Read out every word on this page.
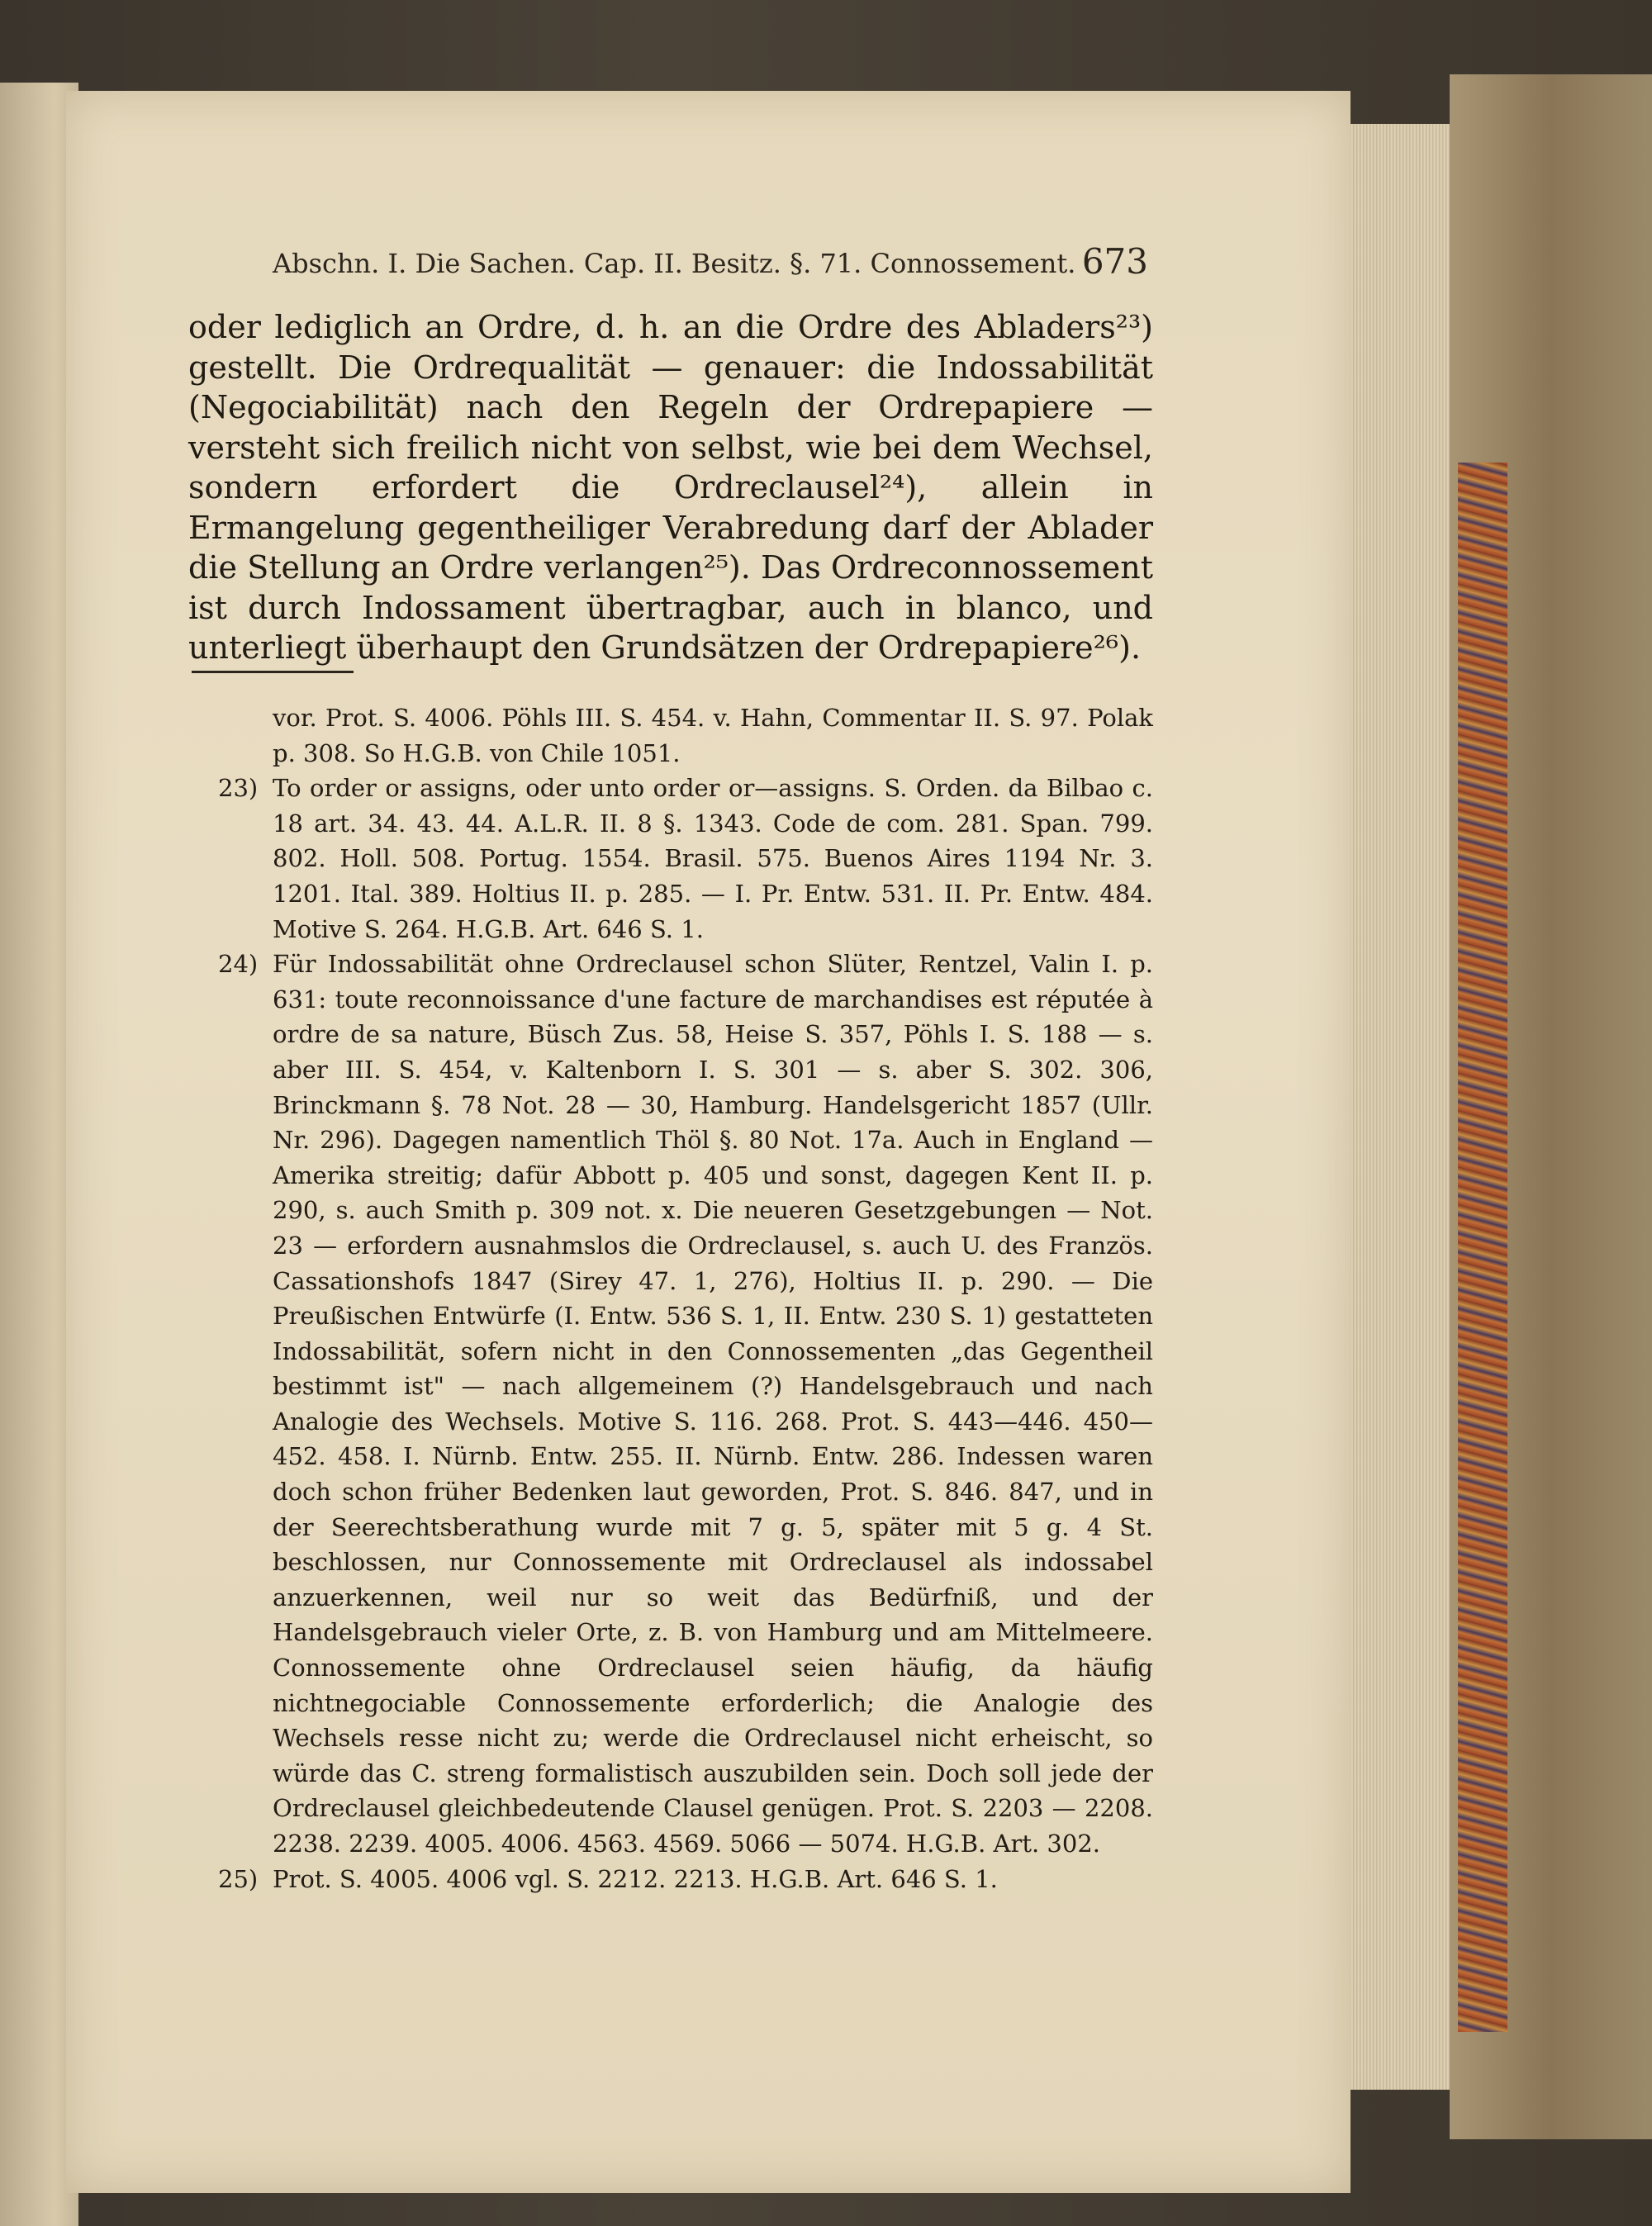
Abschn. I. Die Sachen. Cap. II. Besitz. §. 71. Connossement. 673

oder lediglich an Ordre, d. h. an die Ordre des Abladers²³) gestellt. Die Ordrequalität — genauer: die Indossabilität (Negociabilität) nach den Regeln der Ordrepapiere — versteht sich freilich nicht von selbst, wie bei dem Wechsel, sondern erfordert die Ordreclausel²⁴), allein in Ermangelung gegentheiliger Verabredung darf der Ablader die Stellung an Ordre verlangen²⁵). Das Ordreconnossement ist durch Indossament übertragbar, auch in blanco, und unterliegt überhaupt den Grundsätzen der Ordrepapiere²⁶).

vor. Prot. S. 4006. Pöhls III. S. 454. v. Hahn, Commentar II. S. 97. Polak p. 308. So H.G.B. von Chile 1051.

23) To order or assigns, oder unto order or—assigns. S. Orden. da Bilbao c. 18 art. 34. 43. 44. A.L.R. II. 8 §. 1343. Code de com. 281. Span. 799. 802. Holl. 508. Portug. 1554. Brasil. 575. Buenos Aires 1194 Nr. 3. 1201. Ital. 389. Holtius II. p. 285. — I. Pr. Entw. 531. II. Pr. Entw. 484. Motive S. 264. H.G.B. Art. 646 S. 1.

24) Für Indossabilität ohne Ordreclausel schon Slüter, Rentzel, Valin I. p. 631: toute reconnoissance d'une facture de marchandises est réputée à ordre de sa nature, Büsch Zus. 58, Heise S. 357, Pöhls I. S. 188 — s. aber III. S. 454, v. Kaltenborn I. S. 301 — s. aber S. 302. 306, Brinckmann §. 78 Not. 28 — 30, Hamburg. Handelsgericht 1857 (Ullr. Nr. 296). Dagegen namentlich Thöl §. 80 Not. 17a. Auch in England — Amerika streitig; dafür Abbott p. 405 und sonst, dagegen Kent II. p. 290, s. auch Smith p. 309 not. x. Die neueren Gesetzgebungen — Not. 23 — erfordern ausnahmslos die Ordreclausel, s. auch U. des Französ. Cassationshofs 1847 (Sirey 47. 1, 276), Holtius II. p. 290. — Die Preußischen Entwürfe (I. Entw. 536 S. 1, II. Entw. 230 S. 1) gestatteten Indossabilität, sofern nicht in den Connossementen „das Gegentheil bestimmt ist" — nach allgemeinem (?) Handelsgebrauch und nach Analogie des Wechsels. Motive S. 116. 268. Prot. S. 443—446. 450—452. 458. I. Nürnb. Entw. 255. II. Nürnb. Entw. 286. Indessen waren doch schon früher Bedenken laut geworden, Prot. S. 846. 847, und in der Seerechtsberathung wurde mit 7 g. 5, später mit 5 g. 4 St. beschlossen, nur Connossemente mit Ordreclausel als indossabel anzuerkennen, weil nur so weit das Bedürfniß, und der Handelsgebrauch vieler Orte, z. B. von Hamburg und am Mittelmeere. Connossemente ohne Ordreclausel seien häufig, da häufig nichtnegociable Connossemente erforderlich; die Analogie des Wechsels resse nicht zu; werde die Ordreclausel nicht erheischt, so würde das C. streng formalistisch auszubilden sein. Doch soll jede der Ordreclausel gleichbedeutende Clausel genügen. Prot. S. 2203 — 2208. 2238. 2239. 4005. 4006. 4563. 4569. 5066 — 5074. H.G.B. Art. 302.

25) Prot. S. 4005. 4006 vgl. S. 2212. 2213. H.G.B. Art. 646 S. 1.
